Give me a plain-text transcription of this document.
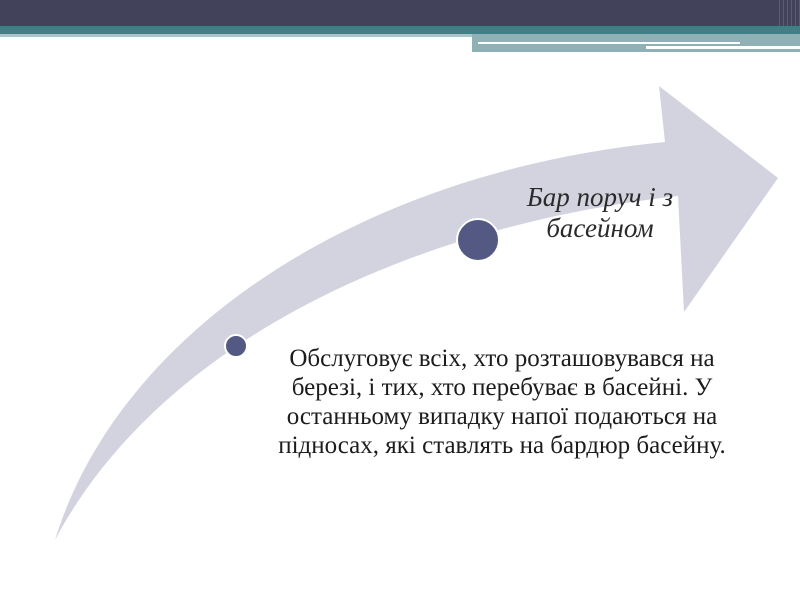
Бар поруч і з басейном
Обслуговує всіх, хто розташовувався на березі, і тих, хто перебуває в басейні. У останньому випадку напої подаються на підносах, які ставлять на бардюр басейну.
